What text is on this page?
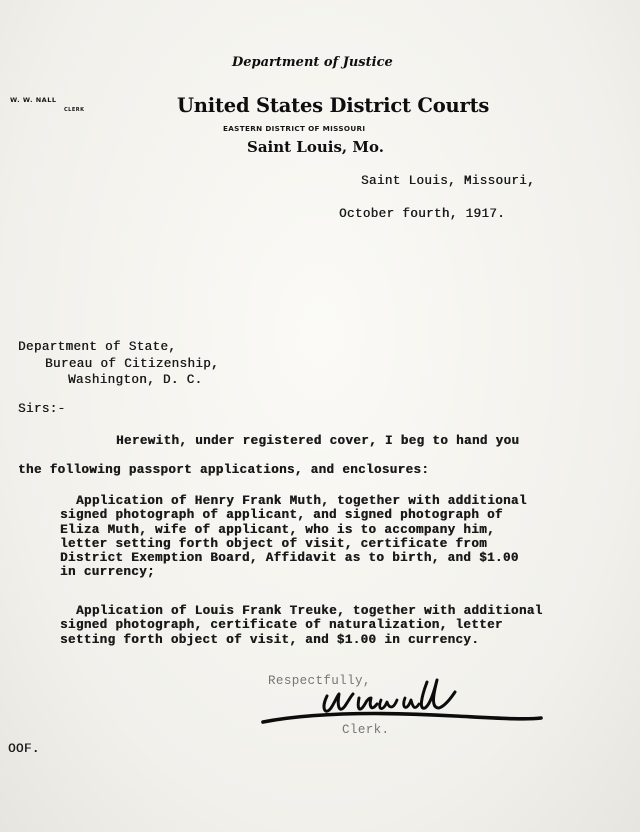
Department of Justice
W. W. NALL
CLERK	United States District Courts
EASTERN DISTRICT OF MISSOURI
Saint Louis, Mo.
Saint Louis, Missouri,
October fourth, 1917.
Department of State,
Bureau of Citizenship,
Washington, D. C.
Sirs:-
Herewith, under registered cover, I beg to hand you
the following passport applications, and enclosures:
Application of Henry Frank Muth, together with additional
signed photograph of applicant, and signed photograph of
Eliza Muth, wife of applicant, who is to accompany him,
letter setting forth object of visit, certificate from
District Exemption Board, Affidavit as to birth, and $1.00
in currency;
Application of Louis Frank Treuke, together with additional
signed photograph, certificate of naturalization, letter
setting forth object of visit, and $1.00 in currency.
Respectfully,
WWNall
Clerk.
OOF.
